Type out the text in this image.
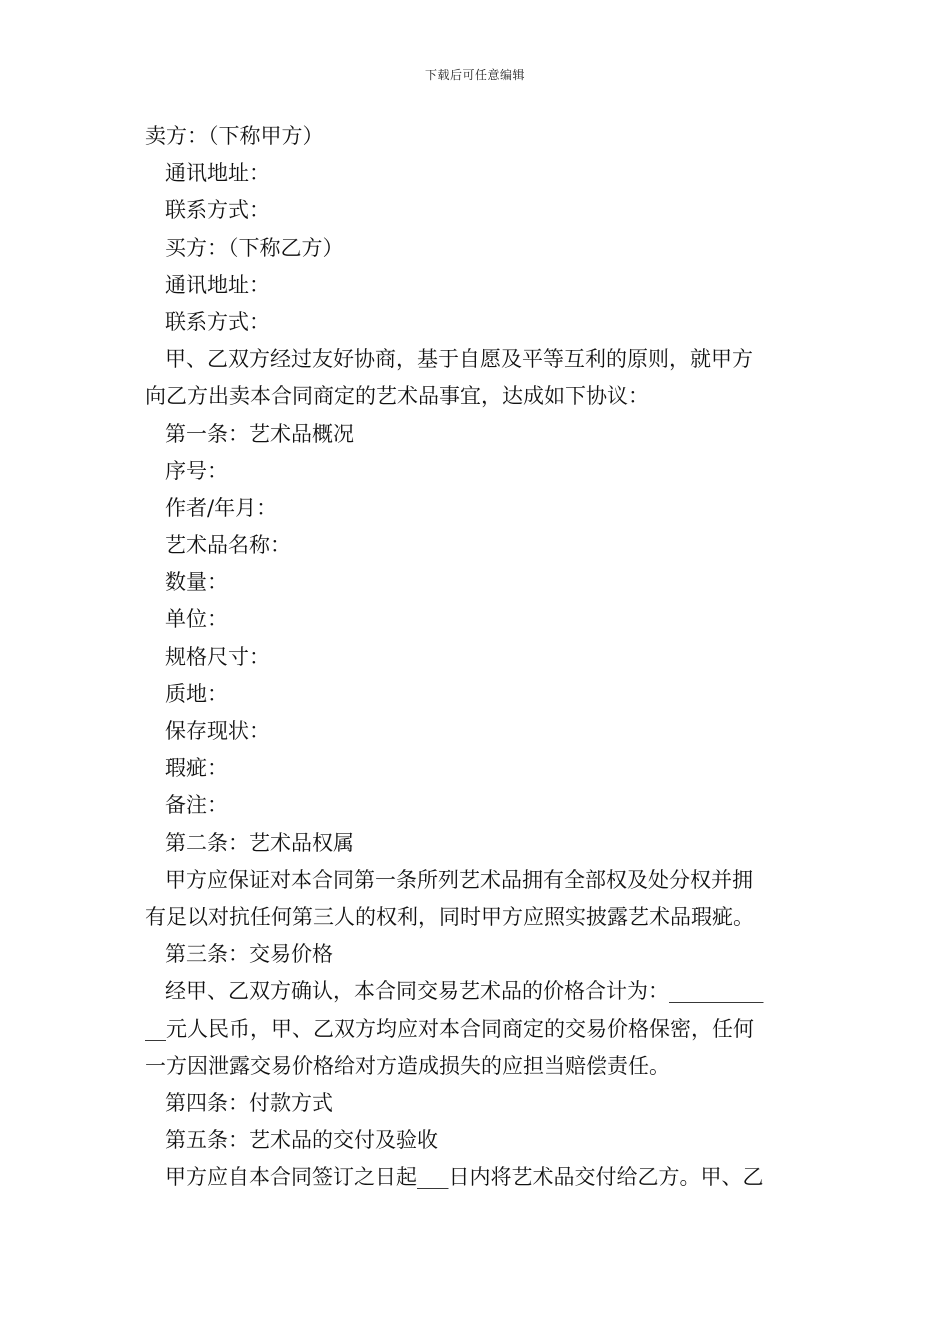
下载后可任意编辑
卖方：（下称甲方）
通讯地址：
联系方式：
买方：（下称乙方）
通讯地址：
联系方式：
甲、乙双方经过友好协商，基于自愿及平等互利的原则，就甲方
向乙方出卖本合同商定的艺术品事宜，达成如下协议：
第一条：艺术品概况
序号：
作者/年月：
艺术品名称：
数量：
单位：
规格尺寸：
质地：
保存现状：
瑕疵：
备注：
第二条：艺术品权属
甲方应保证对本合同第一条所列艺术品拥有全部权及处分权并拥
有足以对抗任何第三人的权利，同时甲方应照实披露艺术品瑕疵。
第三条：交易价格
经甲、乙双方确认，本合同交易艺术品的价格合计为：_________
__元人民币，甲、乙双方均应对本合同商定的交易价格保密，任何
一方因泄露交易价格给对方造成损失的应担当赔偿责任。
第四条：付款方式
第五条：艺术品的交付及验收
甲方应自本合同签订之日起___日内将艺术品交付给乙方。甲、乙
